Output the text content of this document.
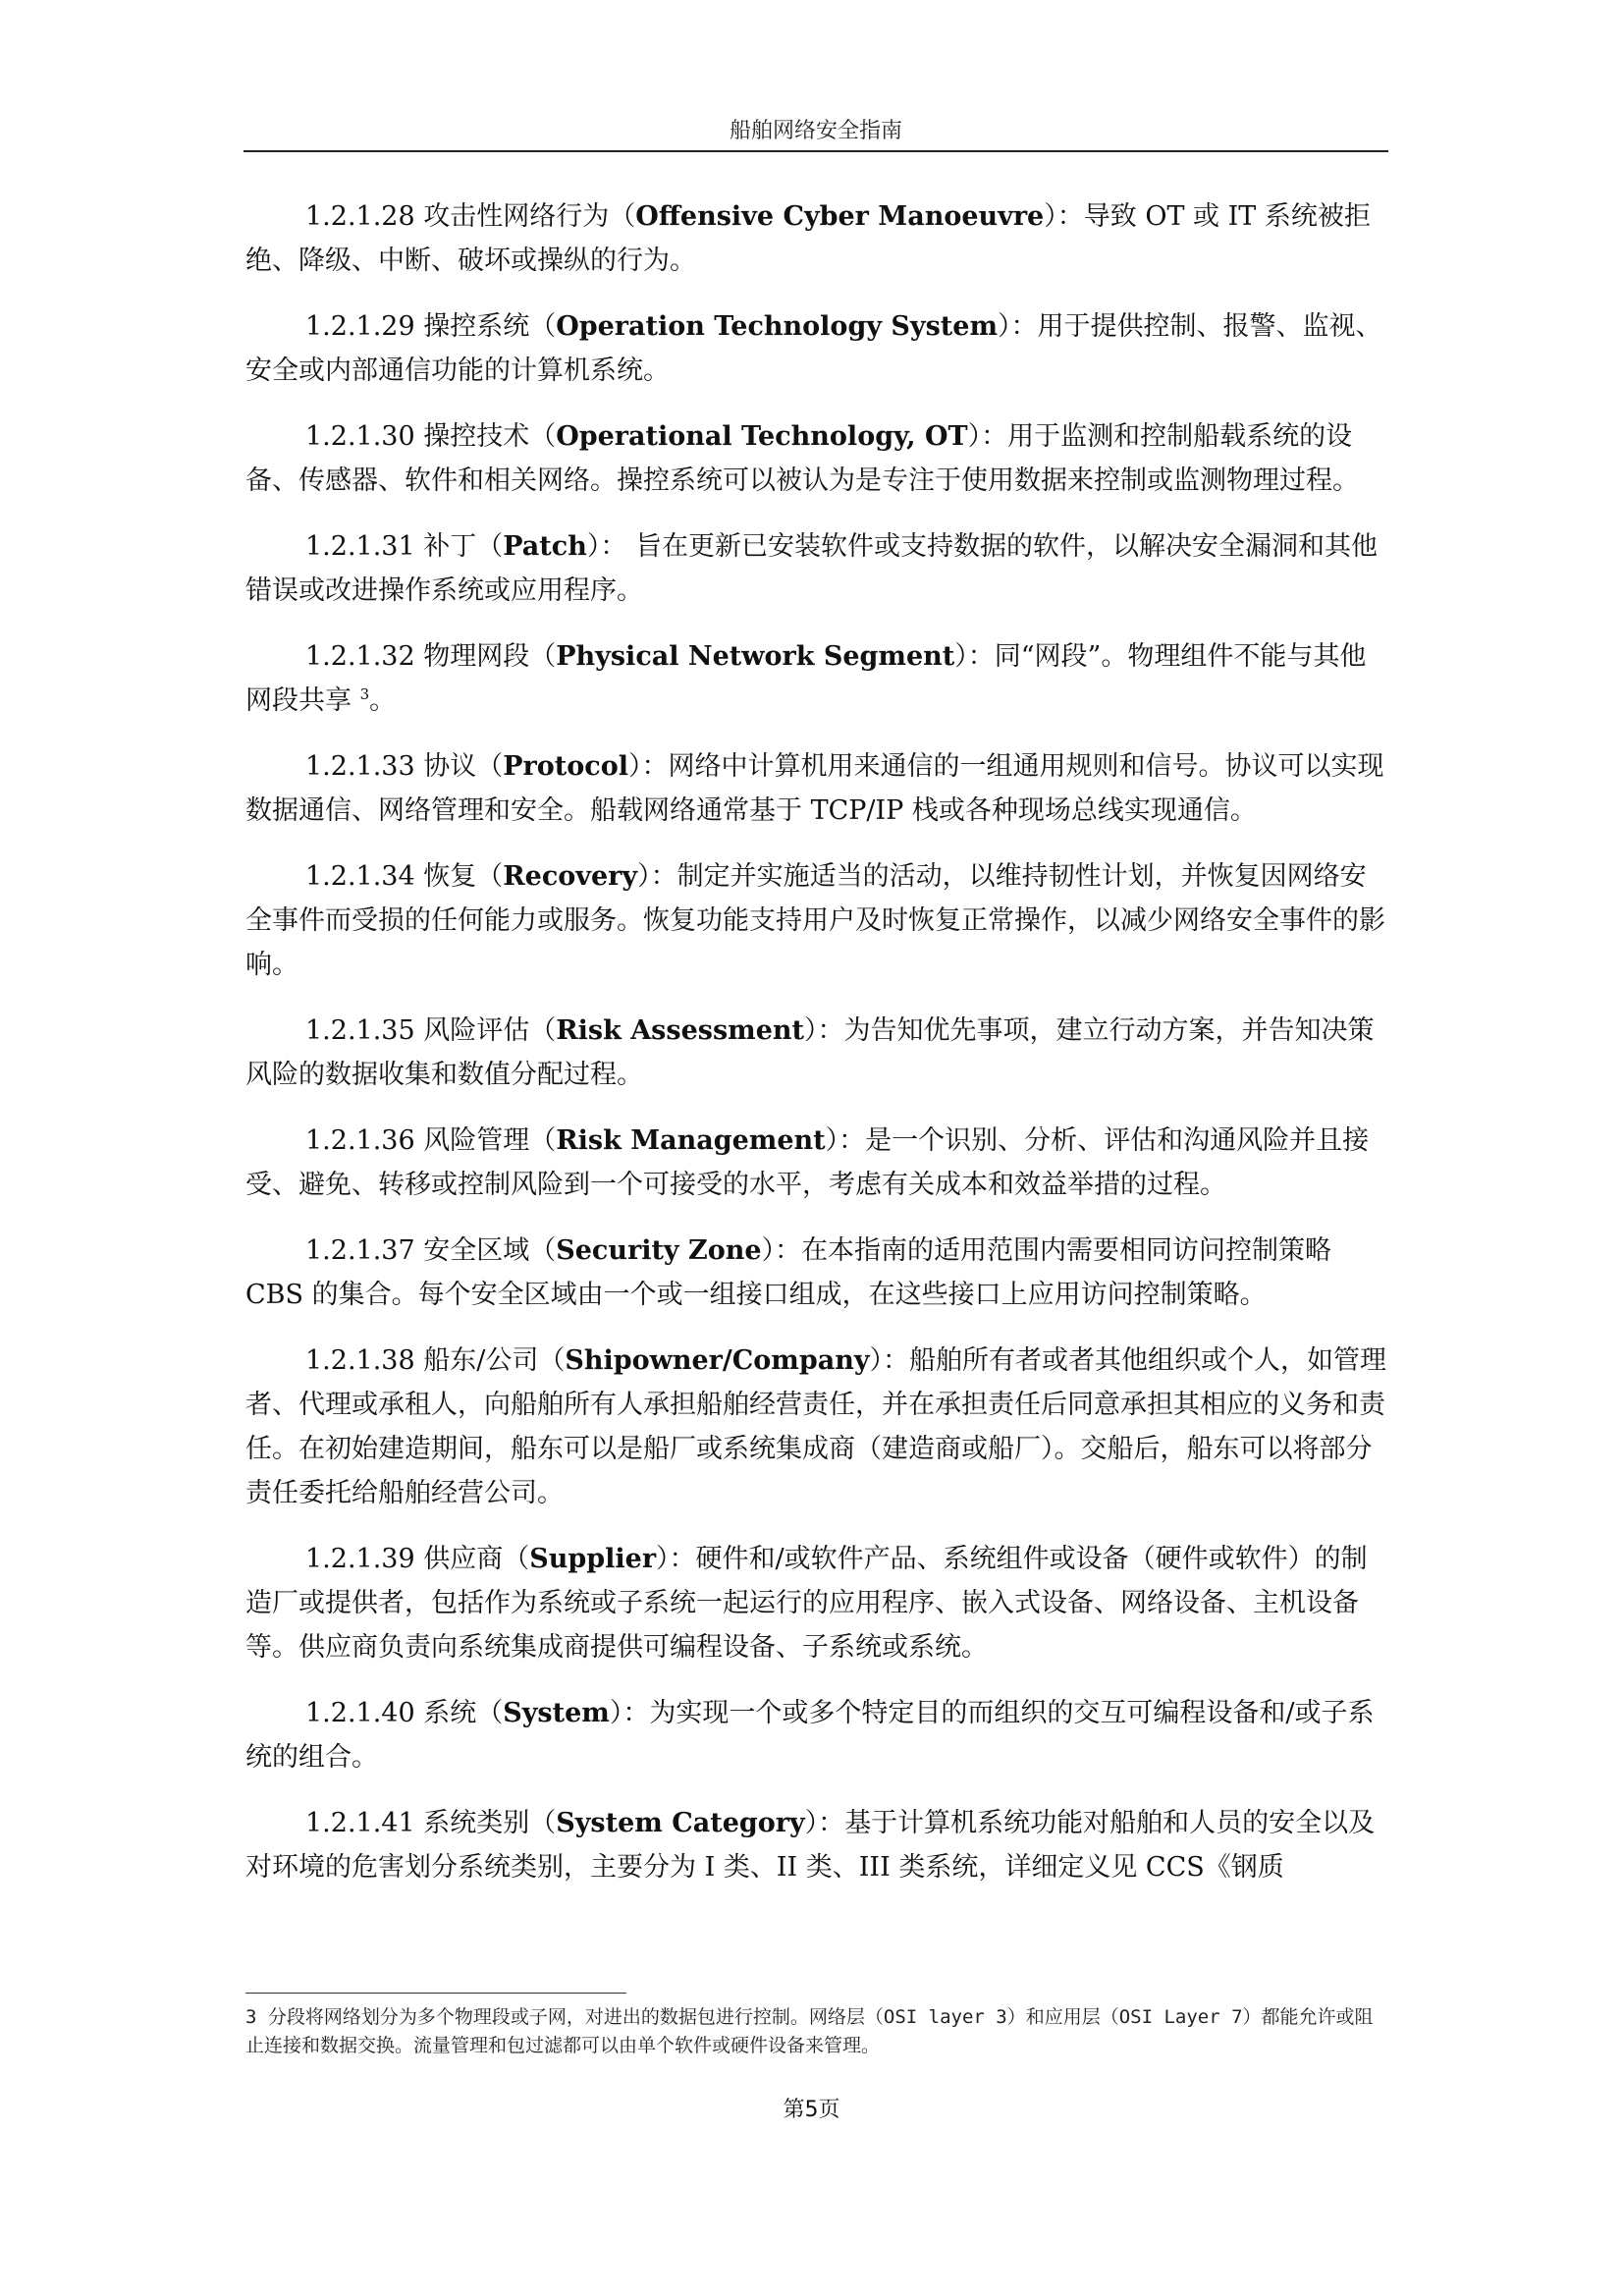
船舶网络安全指南

1.2.1.28 攻击性网络行为（Offensive Cyber Manoeuvre）：导致 OT 或 IT 系统被拒绝、降级、中断、破坏或操纵的行为。

1.2.1.29 操控系统（Operation Technology System）：用于提供控制、报警、监视、安全或内部通信功能的计算机系统。

1.2.1.30 操控技术（Operational Technology, OT）：用于监测和控制船载系统的设备、传感器、软件和相关网络。操控系统可以被认为是专注于使用数据来控制或监测物理过程。

1.2.1.31 补丁（Patch）： 旨在更新已安装软件或支持数据的软件，以解决安全漏洞和其他错误或改进操作系统或应用程序。

1.2.1.32 物理网段（Physical Network Segment）：同“网段”。物理组件不能与其他网段共享 $^3$。

1.2.1.33 协议（Protocol）：网络中计算机用来通信的一组通用规则和信号。协议可以实现数据通信、网络管理和安全。船载网络通常基于 TCP/IP 栈或各种现场总线实现通信。

1.2.1.34 恢复（Recovery）：制定并实施适当的活动，以维持韧性计划，并恢复因网络安全事件而受损的任何能力或服务。恢复功能支持用户及时恢复正常操作，以减少网络安全事件的影响。

1.2.1.35 风险评估（Risk Assessment）：为告知优先事项，建立行动方案，并告知决策风险的数据收集和数值分配过程。

1.2.1.36 风险管理（Risk Management）：是一个识别、分析、评估和沟通风险并且接受、避免、转移或控制风险到一个可接受的水平，考虑有关成本和效益举措的过程。

1.2.1.37 安全区域（Security Zone）：在本指南的适用范围内需要相同访问控制策略 CBS 的集合。每个安全区域由一个或一组接口组成，在这些接口上应用访问控制策略。

1.2.1.38 船东/公司（Shipowner/Company）：船舶所有者或者其他组织或个人，如管理者、代理或承租人，向船舶所有人承担船舶经营责任，并在承担责任后同意承担其相应的义务和责任。在初始建造期间，船东可以是船厂或系统集成商（建造商或船厂）。交船后，船东可以将部分责任委托给船舶经营公司。

1.2.1.39 供应商（Supplier）：硬件和/或软件产品、系统组件或设备（硬件或软件）的制造厂或提供者，包括作为系统或子系统一起运行的应用程序、嵌入式设备、网络设备、主机设备等。供应商负责向系统集成商提供可编程设备、子系统或系统。

1.2.1.40 系统（System）：为实现一个或多个特定目的而组织的交互可编程设备和/或子系统的组合。

1.2.1.41 系统类别（System Category）：基于计算机系统功能对船舶和人员的安全以及对环境的危害划分系统类别，主要分为 I 类、II 类、III 类系统，详细定义见 CCS《钢质

3 分段将网络划分为多个物理段或子网，对进出的数据包进行控制。网络层（OSI layer 3）和应用层（OSI Layer 7）都能允许或阻止连接和数据交换。流量管理和包过滤都可以由单个软件或硬件设备来管理。
第5页
